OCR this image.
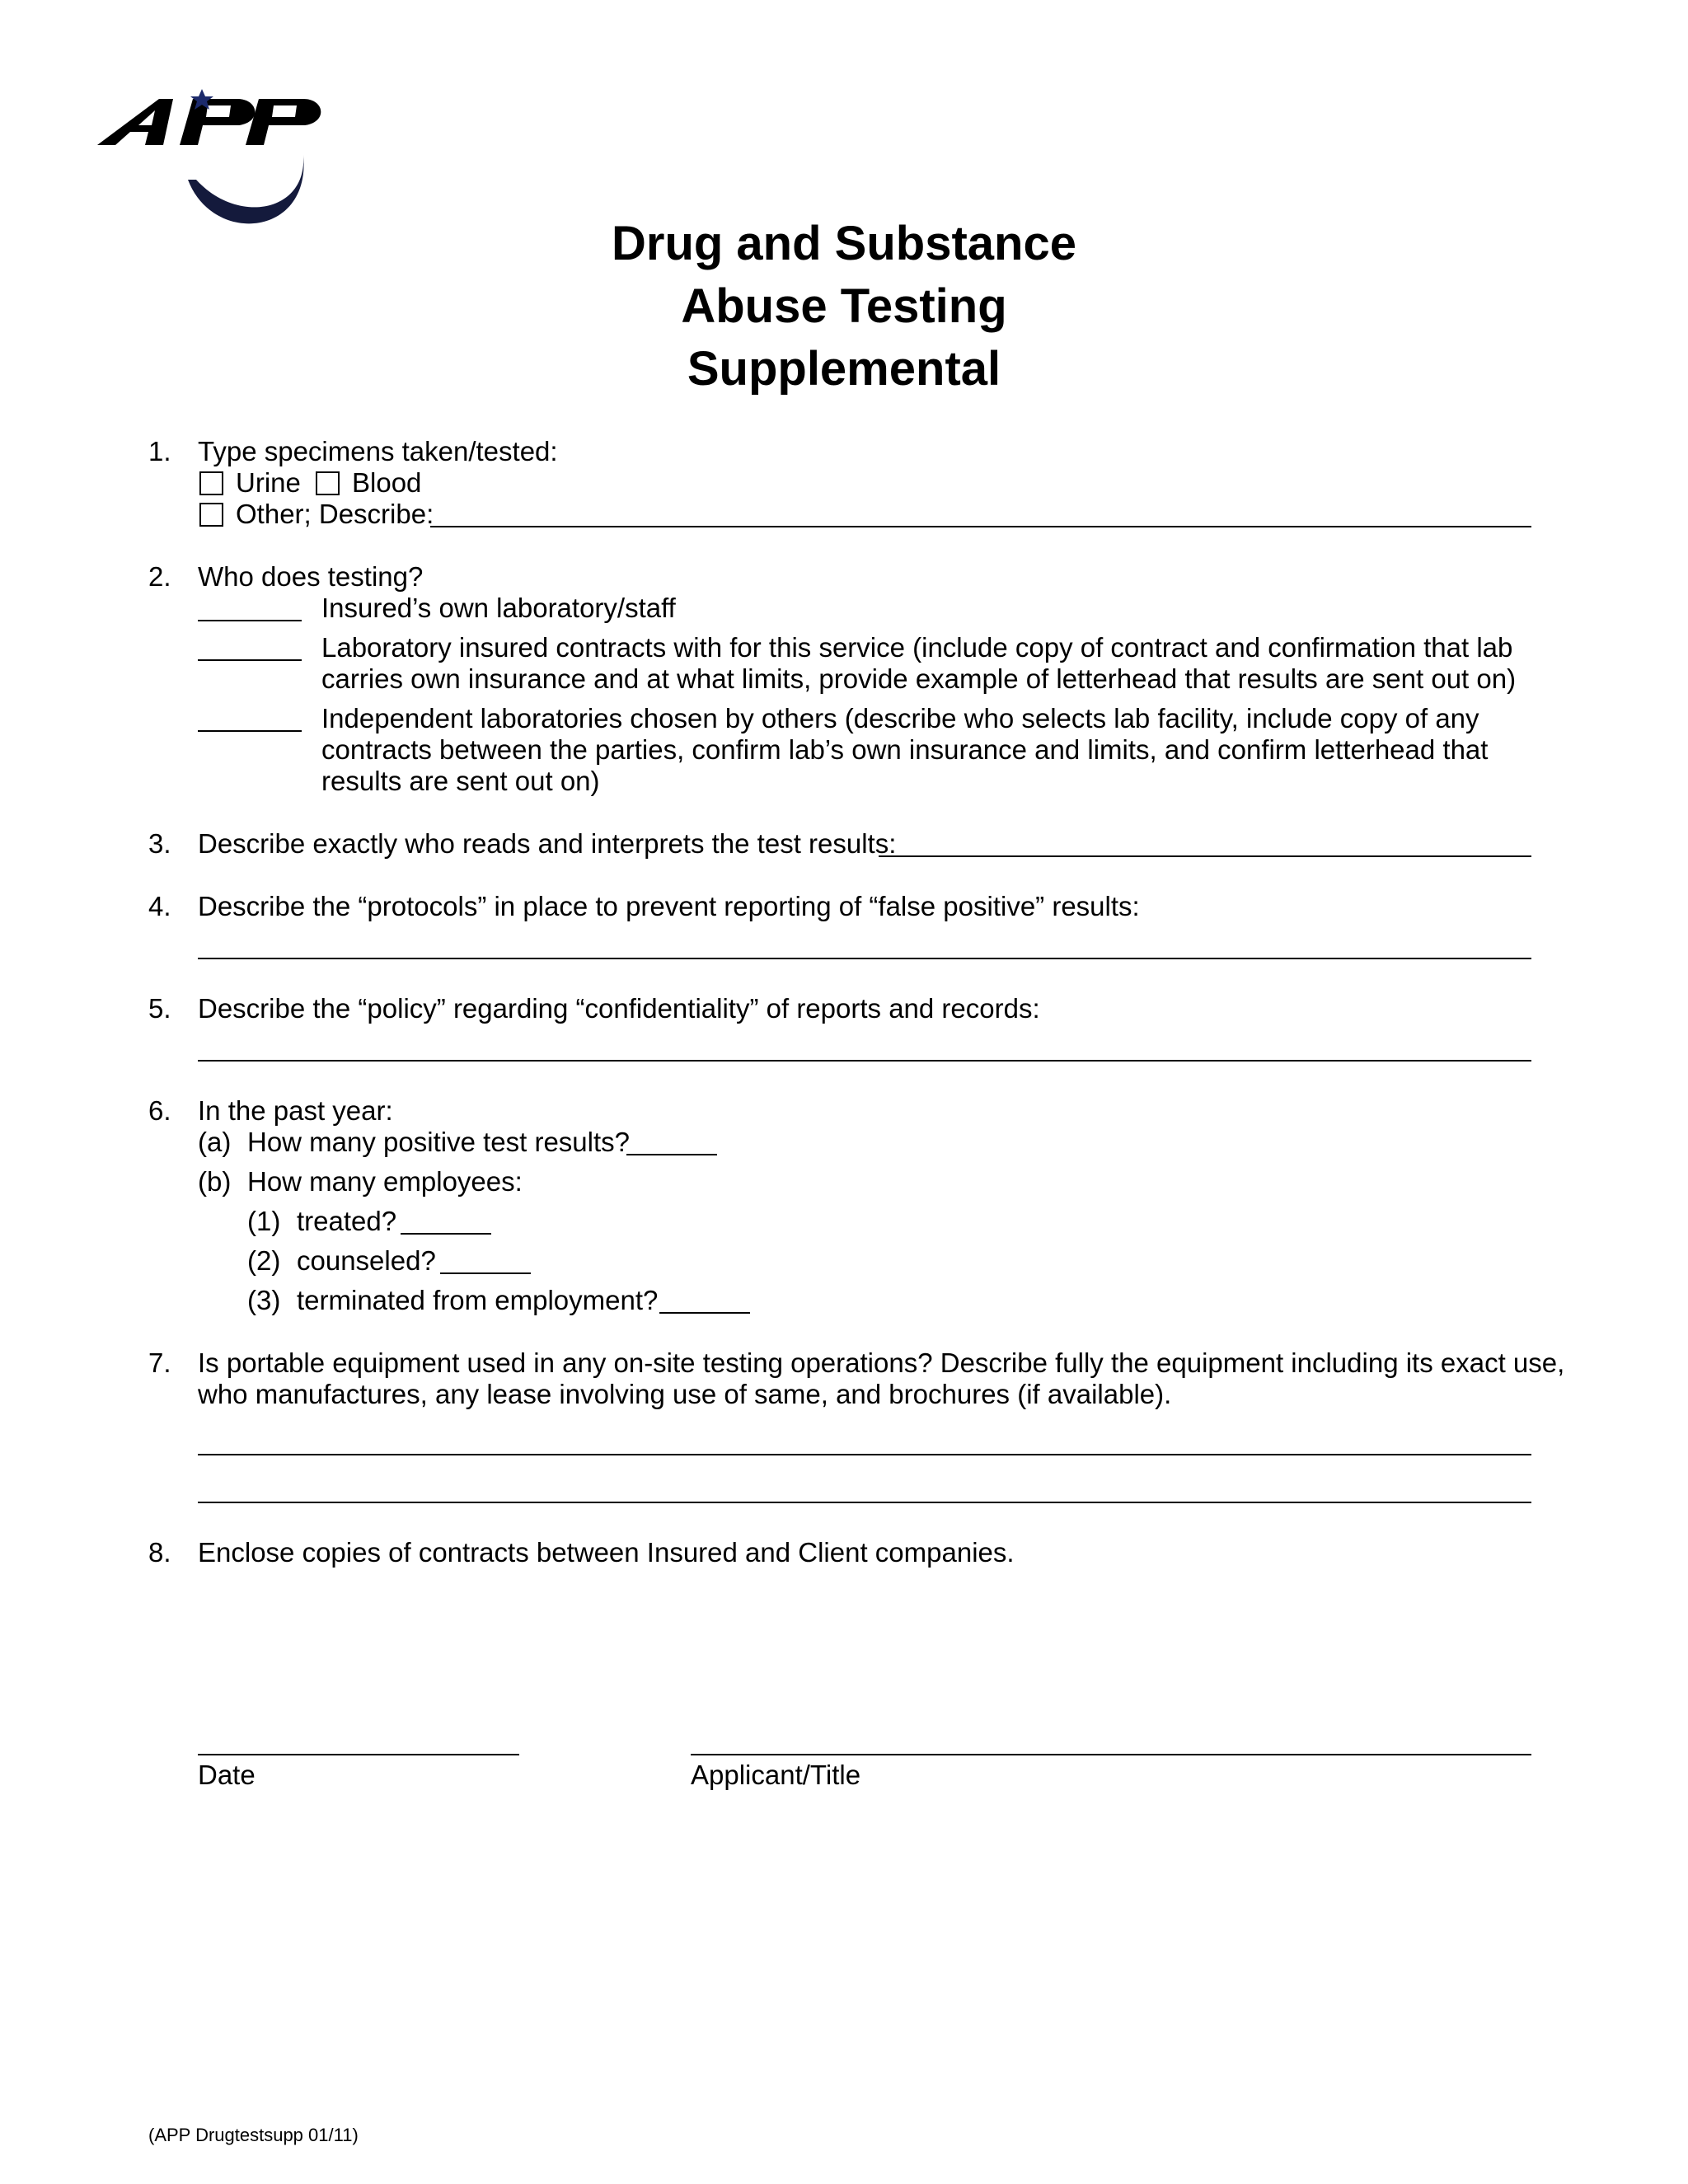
Drug and Substance
Abuse Testing
Supplemental
1. Type specimens taken/tested:
Urine Blood
Other; Describe:
2. Who does testing?
Insured’s own laboratory/staff
Laboratory insured contracts with for this service (include copy of contract and confirmation that lab
carries own insurance and at what limits, provide example of letterhead that results are sent out on)
Independent laboratories chosen by others (describe who selects lab facility, include copy of any
contracts between the parties, confirm lab’s own insurance and limits, and confirm letterhead that
results are sent out on)
3. Describe exactly who reads and interprets the test results:
4. Describe the “protocols” in place to prevent reporting of “false positive” results:
5. Describe the “policy” regarding “confidentiality” of reports and records:
6. In the past year:
(a) How many positive test results?
(b) How many employees:
(1) treated?
(2) counseled?
(3) terminated from employment?
7. Is portable equipment used in any on-site testing operations? Describe fully the equipment including its exact use,
who manufactures, any lease involving use of same, and brochures (if available).
8. Enclose copies of contracts between Insured and Client companies.
Date	Applicant/Title
(APP Drugtestsupp 01/11)
